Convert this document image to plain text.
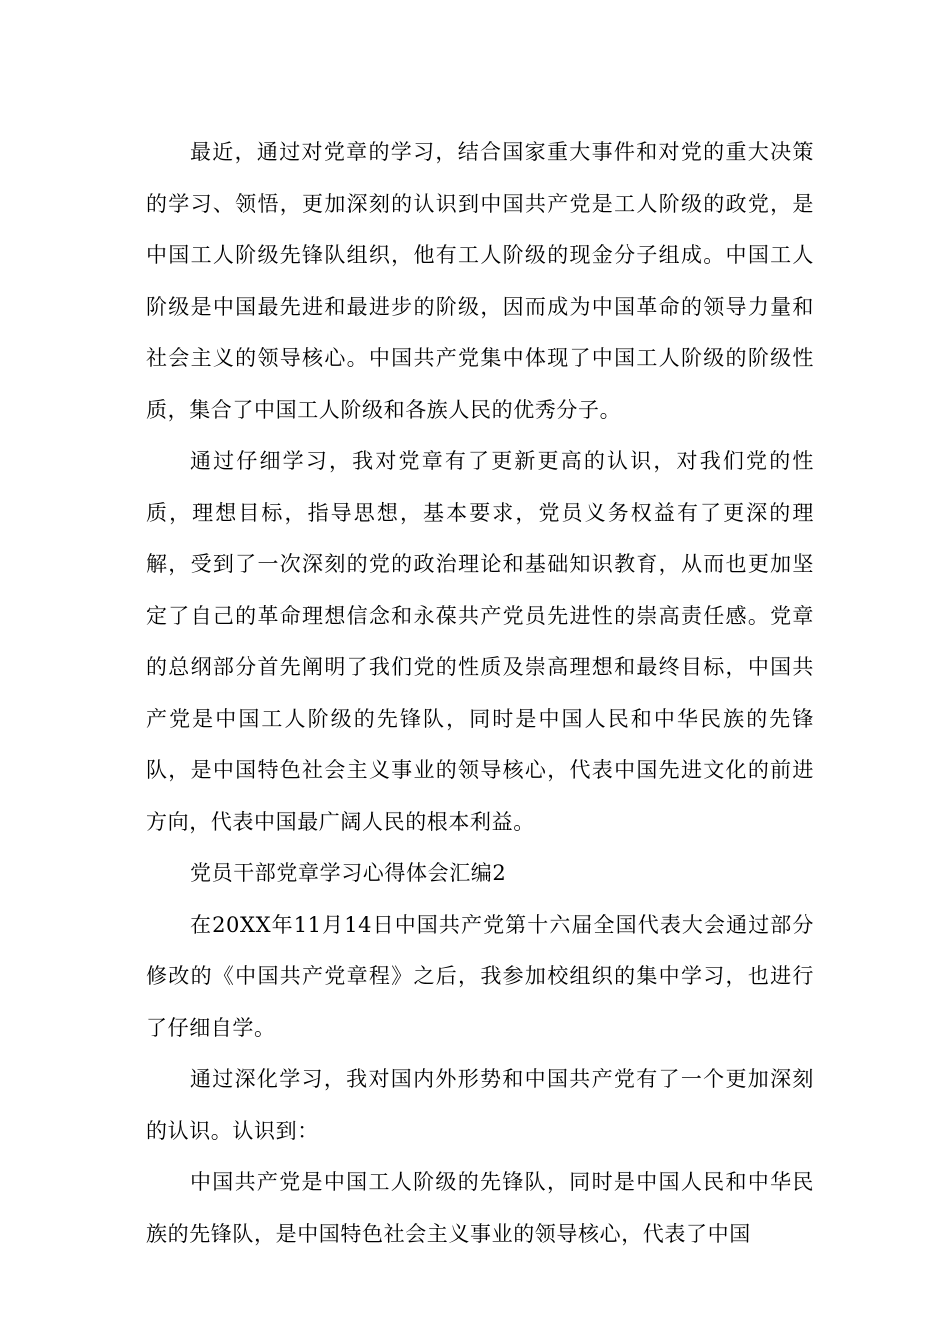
最近，通过对党章的学习，结合国家重大事件和对党的重大决策的学习、领悟，更加深刻的认识到中国共产党是工人阶级的政党，是中国工人阶级先锋队组织，他有工人阶级的现金分子组成。中国工人阶级是中国最先进和最进步的阶级，因而成为中国革命的领导力量和社会主义的领导核心。中国共产党集中体现了中国工人阶级的阶级性质，集合了中国工人阶级和各族人民的优秀分子。

通过仔细学习，我对党章有了更新更高的认识，对我们党的性质，理想目标，指导思想，基本要求，党员义务权益有了更深的理解，受到了一次深刻的党的政治理论和基础知识教育，从而也更加坚定了自己的革命理想信念和永葆共产党员先进性的崇高责任感。党章的总纲部分首先阐明了我们党的性质及崇高理想和最终目标，中国共产党是中国工人阶级的先锋队，同时是中国人民和中华民族的先锋队，是中国特色社会主义事业的领导核心，代表中国先进文化的前进方向，代表中国最广阔人民的根本利益。

党员干部党章学习心得体会汇编2

在20XX年11月14日中国共产党第十六届全国代表大会通过部分修改的《中国共产党章程》之后，我参加校组织的集中学习，也进行了仔细自学。

通过深化学习，我对国内外形势和中国共产党有了一个更加深刻的认识。认识到：

中国共产党是中国工人阶级的先锋队，同时是中国人民和中华民族的先锋队，是中国特色社会主义事业的领导核心，代表了中国
